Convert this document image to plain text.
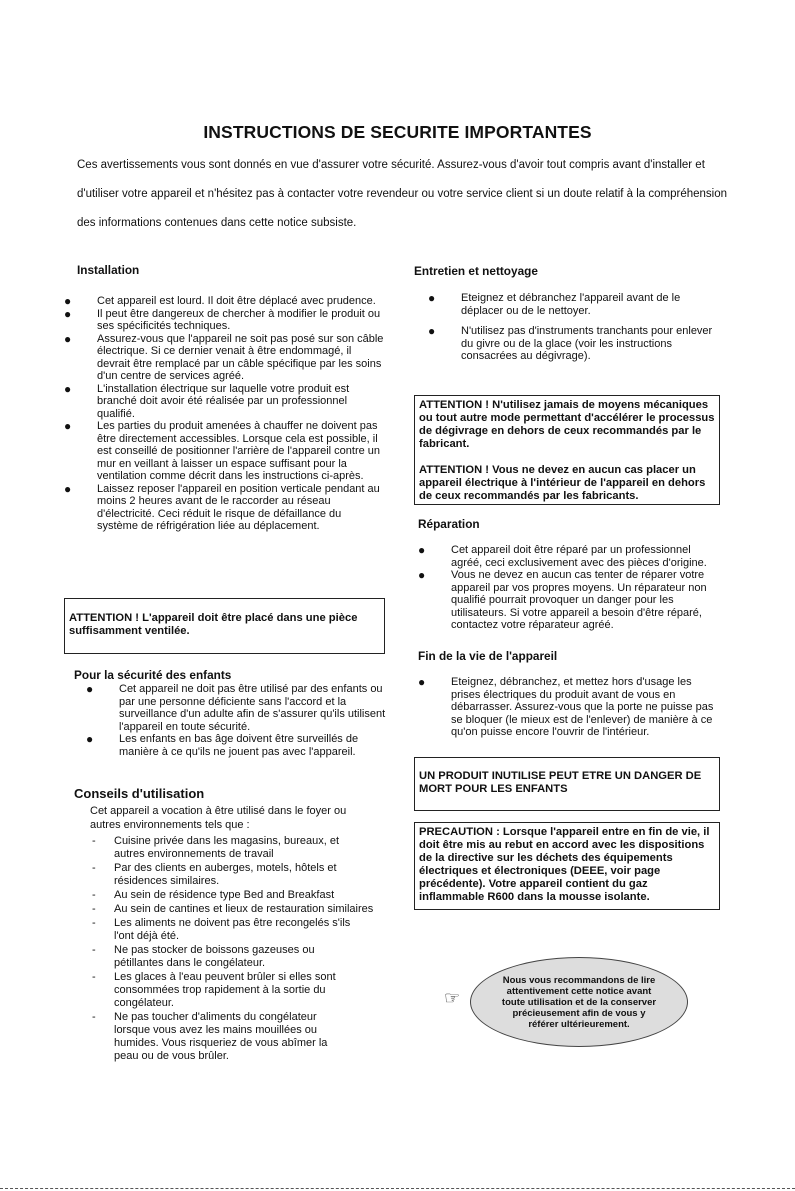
INSTRUCTIONS DE SECURITE IMPORTANTES
Ces avertissements vous sont donnés en vue d'assurer votre sécurité. Assurez-vous d'avoir tout compris avant d'installer et
d'utiliser votre appareil et n'hésitez pas à contacter votre revendeur ou votre service client si un doute relatif à la compréhension
des informations contenues dans cette notice subsiste.
Installation
● Cet appareil est lourd. Il doit être déplacé avec prudence.
● Il peut être dangereux de chercher à modifier le produit ou ses spécificités techniques.
● Assurez-vous que l'appareil ne soit pas posé sur son câble électrique. Si ce dernier venait à être endommagé, il devrait être remplacé par un câble spécifique par les soins d'un centre de services agréé.
● L'installation électrique sur laquelle votre produit est branché doit avoir été réalisée par un professionnel qualifié.
● Les parties du produit amenées à chauffer ne doivent pas être directement accessibles. Lorsque cela est possible, il est conseillé de positionner l'arrière de l'appareil contre un mur en veillant à laisser un espace suffisant pour la ventilation comme décrit dans les instructions ci-après.
● Laissez reposer l'appareil en position verticale pendant au moins 2 heures avant de le raccorder au réseau d'électricité. Ceci réduit le risque de défaillance du système de réfrigération liée au déplacement.
ATTENTION ! L'appareil doit être placé dans une pièce suffisamment ventilée.
Pour la sécurité des enfants
● Cet appareil ne doit pas être utilisé par des enfants ou par une personne déficiente sans l'accord et la surveillance d'un adulte afin de s'assurer qu'ils utilisent l'appareil en toute sécurité.
● Les enfants en bas âge doivent être surveillés de manière à ce qu'ils ne jouent pas avec l'appareil.
Conseils d'utilisation
Cet appareil a vocation à être utilisé dans le foyer ou autres environnements tels que :
- Cuisine privée dans les magasins, bureaux, et autres environnements de travail
- Par des clients en auberges, motels, hôtels et résidences similaires.
- Au sein de résidence type Bed and Breakfast
- Au sein de cantines et lieux de restauration similaires
- Les aliments ne doivent pas être recongelés s'ils l'ont déjà été.
- Ne pas stocker de boissons gazeuses ou pétillantes dans le congélateur.
- Les glaces à l'eau peuvent brûler si elles sont consommées trop rapidement à la sortie du congélateur.
- Ne pas toucher d'aliments du congélateur lorsque vous avez les mains mouillées ou humides. Vous risqueriez de vous abîmer la peau ou de vous brûler.
Entretien et nettoyage
● Eteignez et débranchez l'appareil avant de le déplacer ou de le nettoyer.
● N'utilisez pas d'instruments tranchants pour enlever du givre ou de la glace (voir les instructions consacrées au dégivrage).
ATTENTION ! N'utilisez jamais de moyens mécaniques ou tout autre mode permettant d'accélérer le processus de dégivrage en dehors de ceux recommandés par le fabricant.
ATTENTION ! Vous ne devez en aucun cas placer un appareil électrique à l'intérieur de l'appareil en dehors de ceux recommandés par les fabricants.
Réparation
● Cet appareil doit être réparé par un professionnel agréé, ceci exclusivement avec des pièces d'origine.
● Vous ne devez en aucun cas tenter de réparer votre appareil par vos propres moyens. Un réparateur non qualifié pourrait provoquer un danger pour les utilisateurs. Si votre appareil a besoin d'être réparé, contactez votre réparateur agréé.
Fin de la vie de l'appareil
● Eteignez, débranchez, et mettez hors d'usage les prises électriques du produit avant de vous en débarrasser. Assurez-vous que la porte ne puisse pas se bloquer (le mieux est de l'enlever) de manière à ce qu'on puisse encore l'ouvrir de l'intérieur.
UN PRODUIT INUTILISE PEUT ETRE UN DANGER DE MORT POUR LES ENFANTS
PRECAUTION : Lorsque l'appareil entre en fin de vie, il doit être mis au rebut en accord avec les dispositions de la directive sur les déchets des équipements électriques et électroniques (DEEE, voir page précédente). Votre appareil contient du gaz inflammable R600 dans la mousse isolante.
☞
Nous vous recommandons de lire attentivement cette notice avant toute utilisation et de la conserver précieusement afin de vous y référer ultérieurement.
